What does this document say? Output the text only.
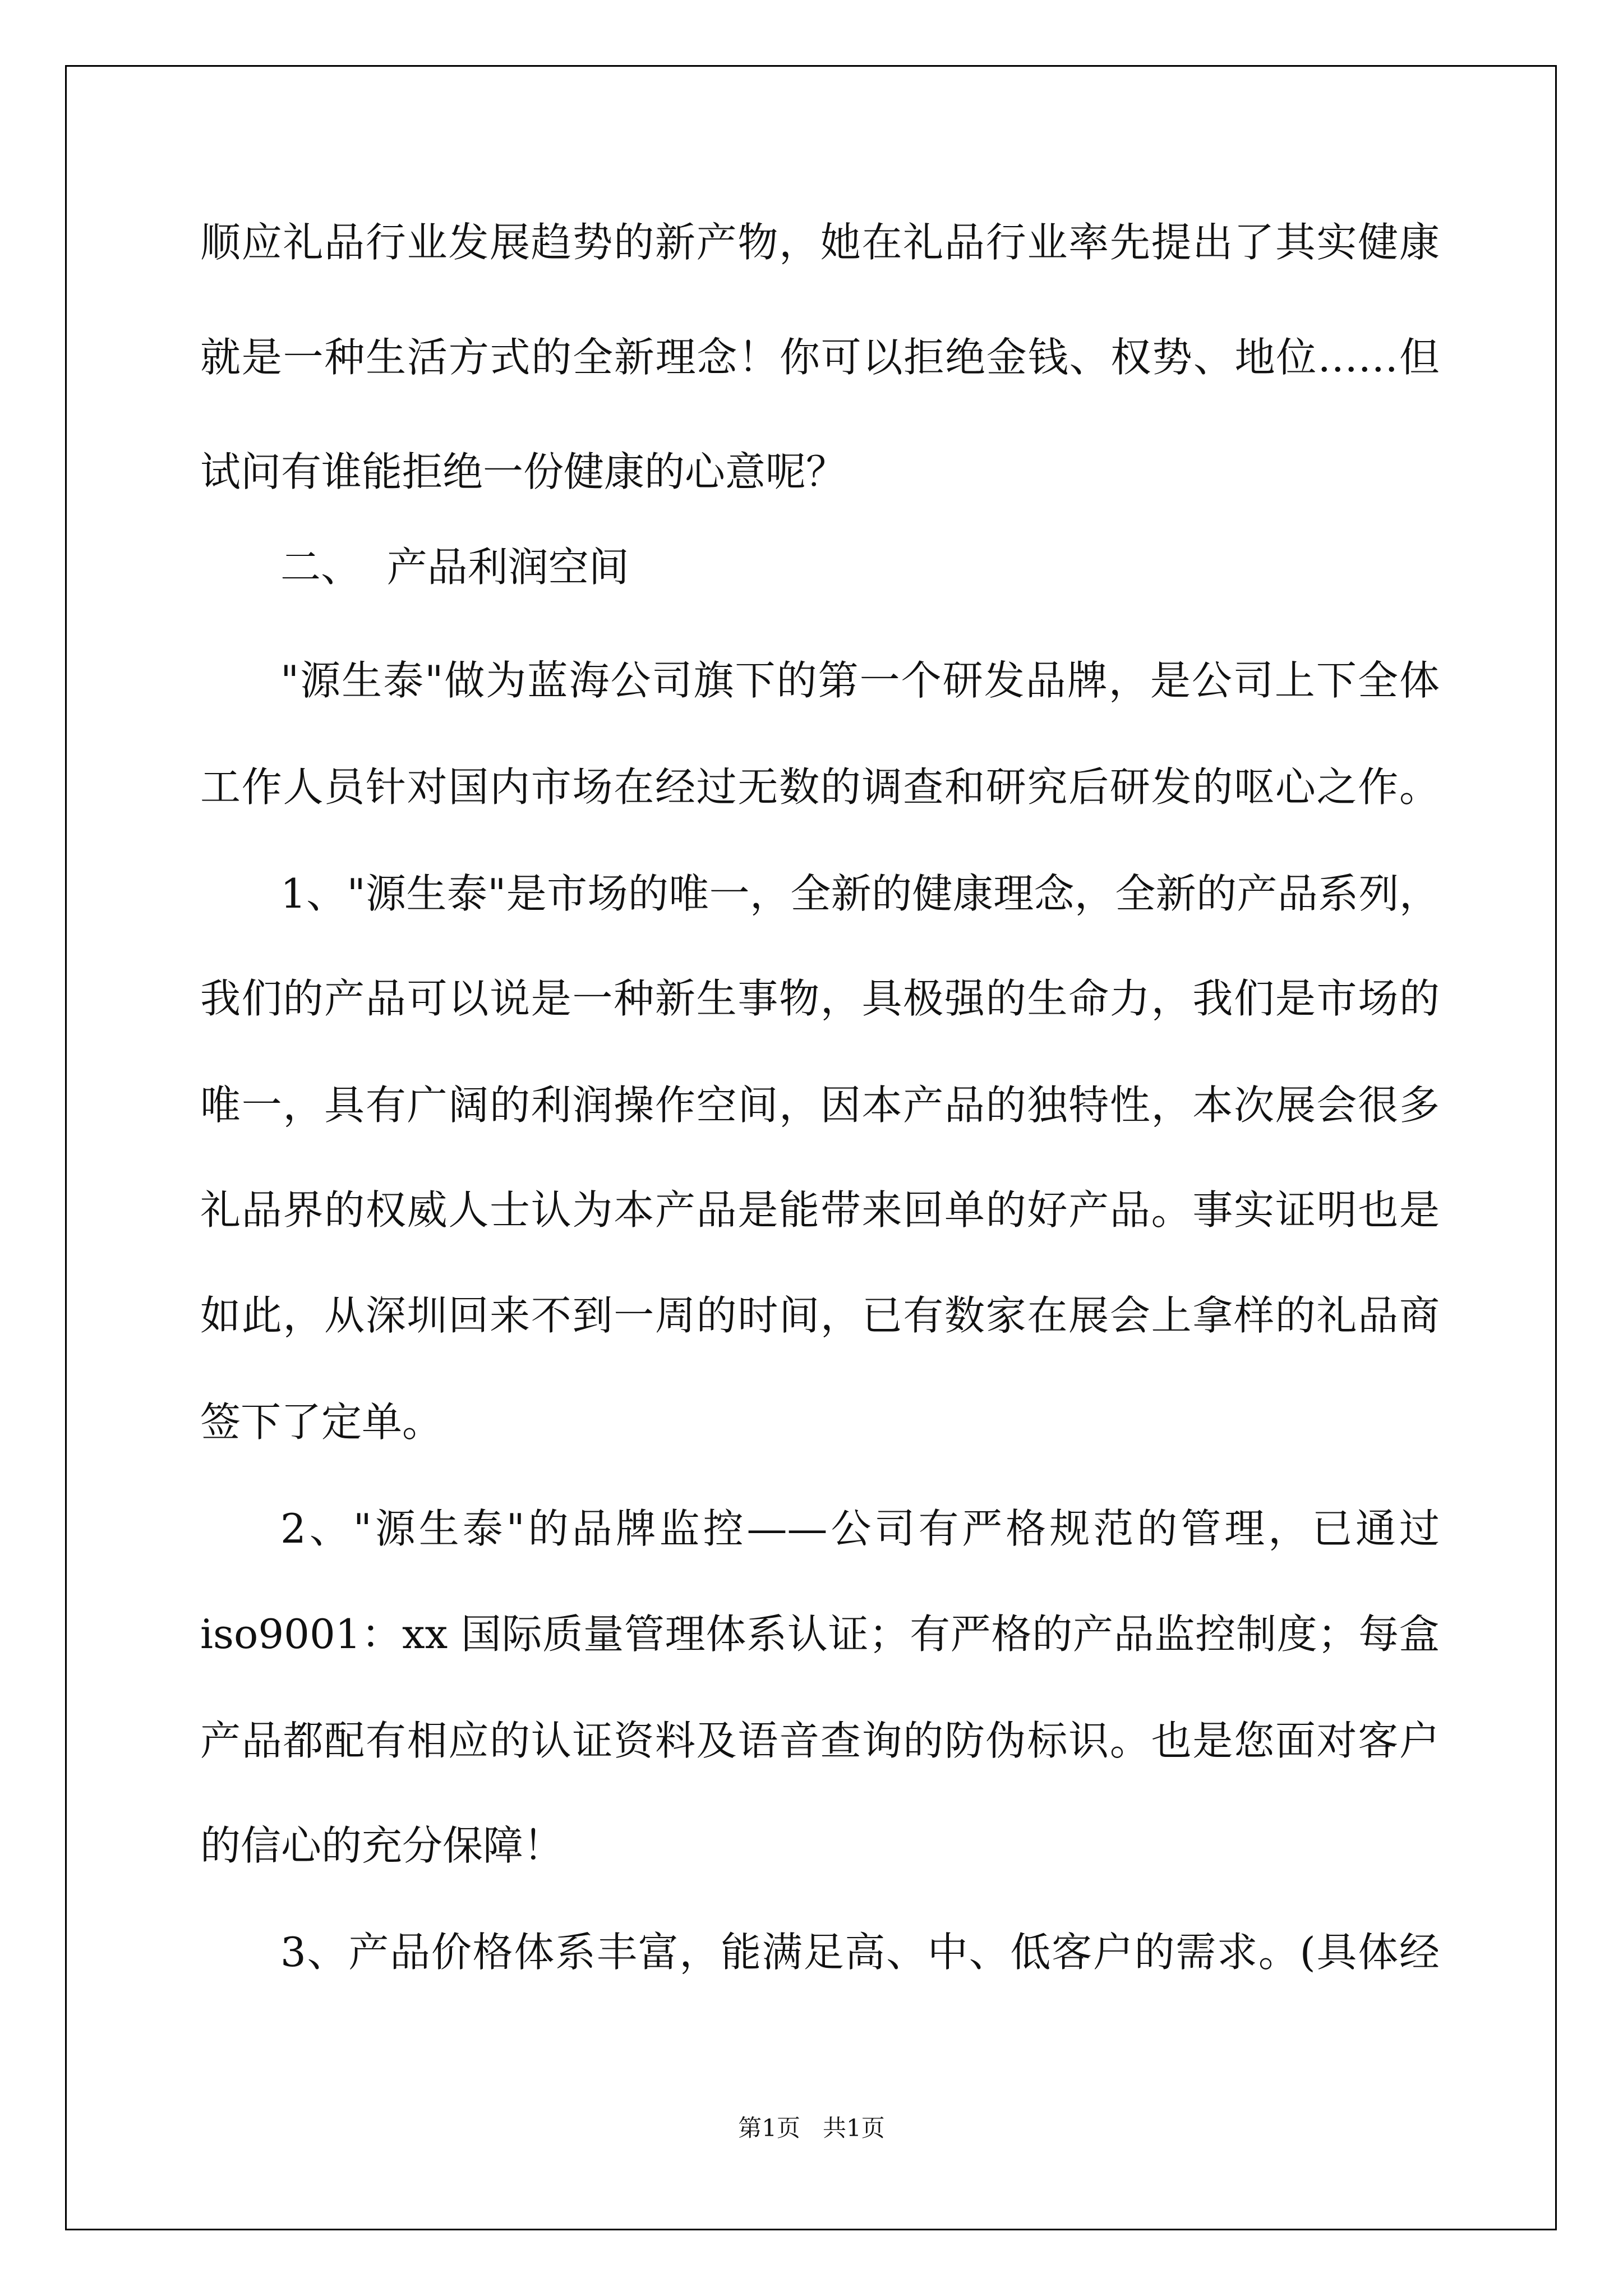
顺应礼品行业发展趋势的新产物，她在礼品行业率先提出了其实健康
就是一种生活方式的全新理念！你可以拒绝金钱、权势、地位……但
试问有谁能拒绝一份健康的心意呢？
二、  产品利润空间
"源生泰"做为蓝海公司旗下的第一个研发品牌，是公司上下全体
工作人员针对国内市场在经过无数的调查和研究后研发的呕心之作。
1、"源生泰"是市场的唯一，全新的健康理念，全新的产品系列，
我们的产品可以说是一种新生事物，具极强的生命力，我们是市场的
唯一，具有广阔的利润操作空间，因本产品的独特性，本次展会很多
礼品界的权威人士认为本产品是能带来回单的好产品。事实证明也是
如此，从深圳回来不到一周的时间，已有数家在展会上拿样的礼品商
签下了定单。
2、"源生泰"的品牌监控——公司有严格规范的管理，已通过
iso9001：xx 国际质量管理体系认证；有严格的产品监控制度；每盒
产品都配有相应的认证资料及语音查询的防伪标识。也是您面对客户
的信心的充分保障！
3、产品价格体系丰富，能满足高、中、低客户的需求。(具体经
第1页   共1页
